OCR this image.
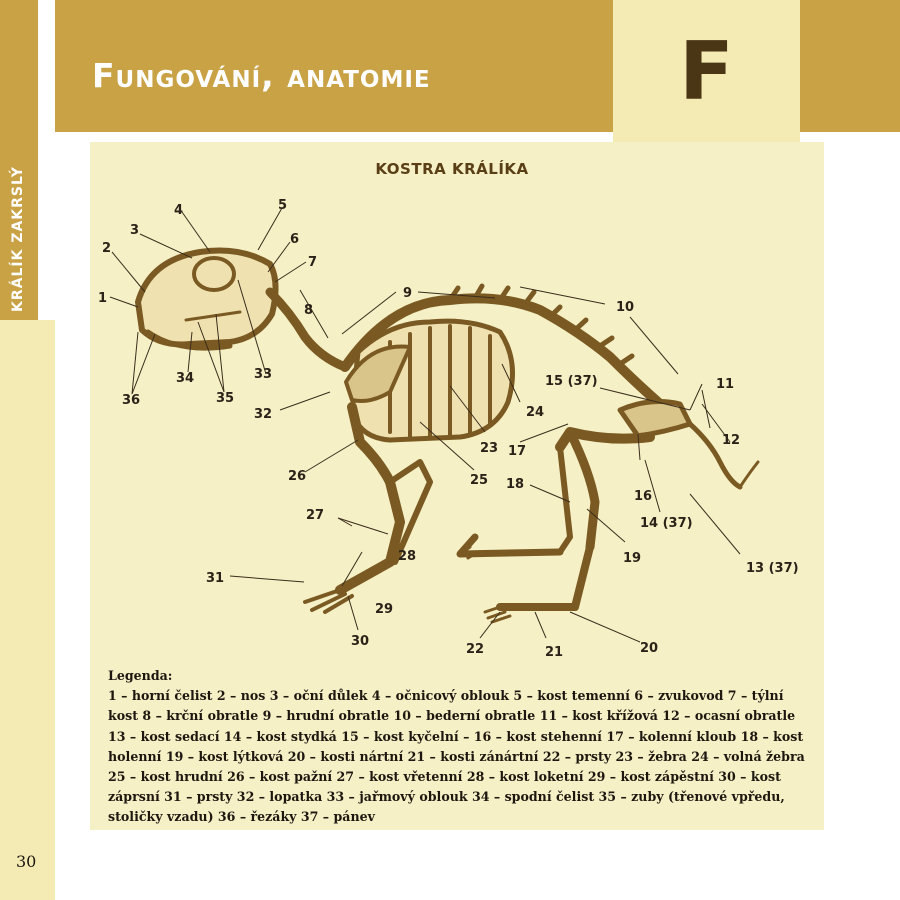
F
Fungování, anatomie
KRÁLÍK ZAKRSLÝ	KOSTRA KRÁLÍKA
1
2
3
4	5
6
7
8
9
10
11
12
13 (37)
14 (37)
15 (37)
16
17
18
19
20
21
22
23
24
25
26
27
28
29
30
31
32
33
34
35
36
Legenda:
1 – horní čelist 2 – nos 3 – oční důlek 4 – očnicový oblouk 5 – kost temenní 6 – zvukovod 7 – týlní kost 8 – krční obratle 9 – hrudní obratle 10 – bederní obratle 11 – kost křížová 12 – ocasní obratle 13 – kost sedací 14 – kost stydká 15 – kost kyčelní – 16 – kost stehenní 17 – kolenní kloub 18 – kost holenní 19 – kost lýtková 20 – kosti nártní 21 – kosti zánártní 22 – prsty 23 – žebra 24 – volná žebra 25 – kost hrudní 26 – kost pažní 27 – kost vřetenní 28 – kost loketní 29 – kost zápěstní 30 – kost záprsní 31 – prsty 32 – lopatka 33 – jařmový oblouk 34 – spodní čelist 35 – zuby (třenové vpředu, stoličky vzadu) 36 – řezáky 37 – pánev
30
